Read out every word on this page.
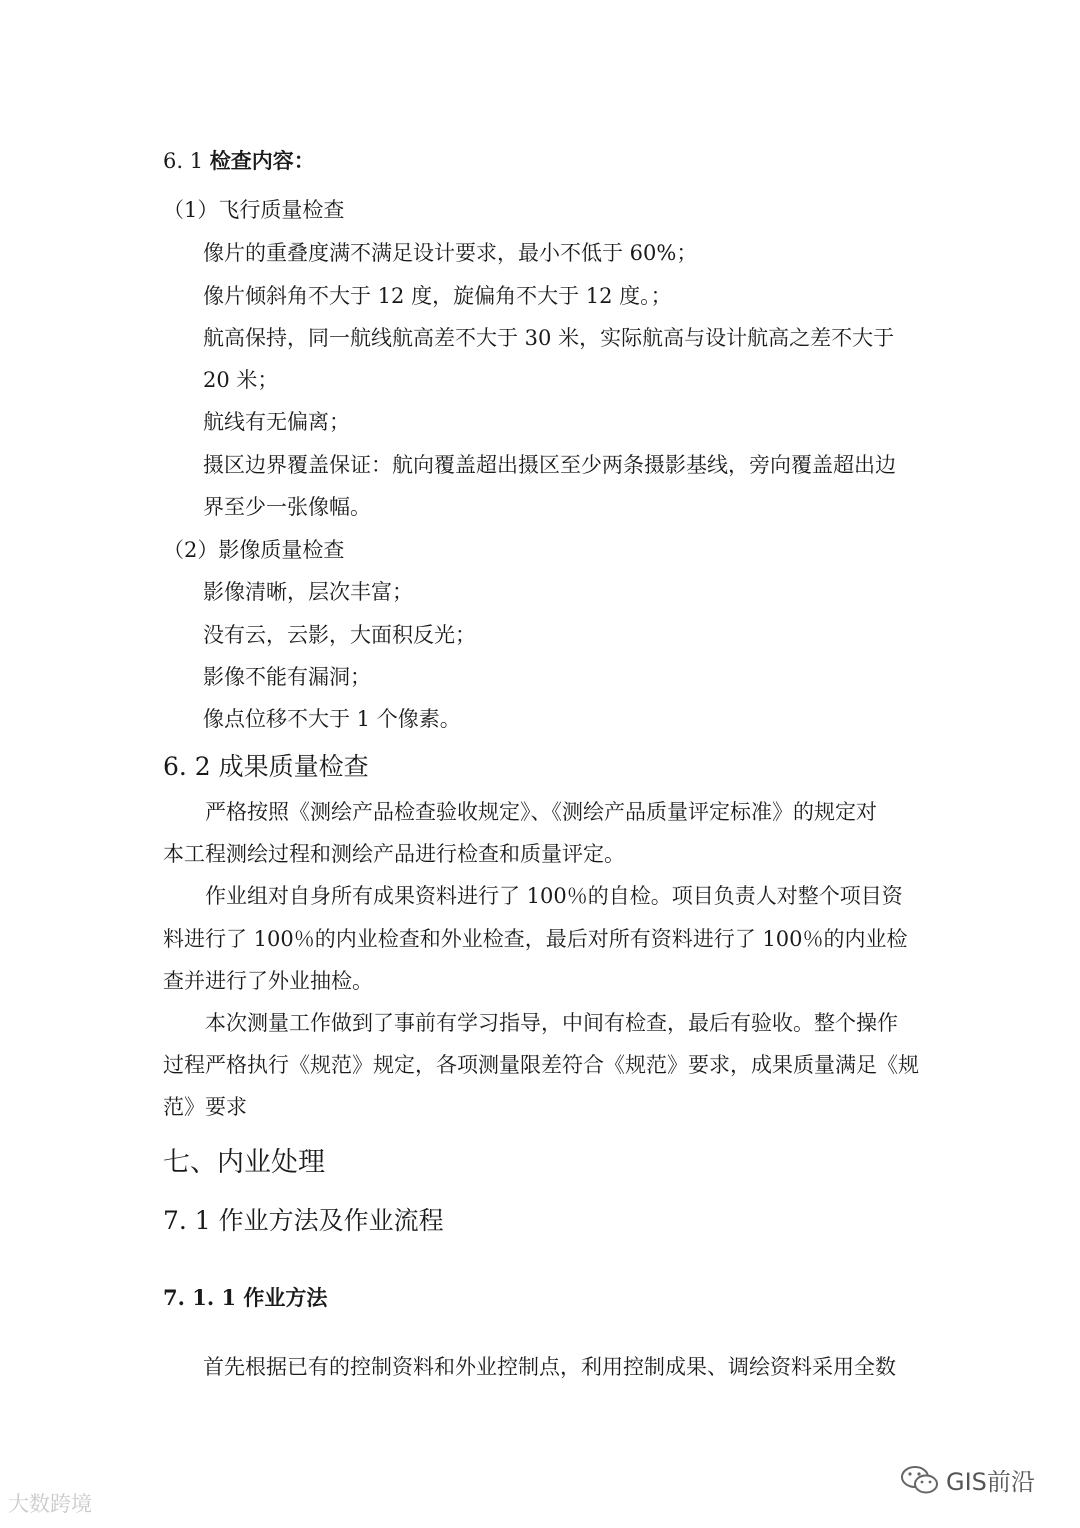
6. 1 检查内容：
（1）飞行质量检查
像片的重叠度满不满足设计要求，最小不低于 60%；
像片倾斜角不大于 12 度，旋偏角不大于 12 度。；
航高保持，同一航线航高差不大于 30 米，实际航高与设计航高之差不大于
20 米；
航线有无偏离；
摄区边界覆盖保证：航向覆盖超出摄区至少两条摄影基线，旁向覆盖超出边
界至少一张像幅。
（2）影像质量检查
影像清晰，层次丰富；
没有云，云影，大面积反光；
影像不能有漏洞；
像点位移不大于 1 个像素。
6. 2 成果质量检查
严格按照《测绘产品检查验收规定》、《测绘产品质量评定标准》的规定对
本工程测绘过程和测绘产品进行检查和质量评定。
作业组对自身所有成果资料进行了 100％的自检。项目负责人对整个项目资
料进行了 100％的内业检查和外业检查，最后对所有资料进行了 100％的内业检
查并进行了外业抽检。
本次测量工作做到了事前有学习指导，中间有检查，最后有验收。整个操作
过程严格执行《规范》规定，各项测量限差符合《规范》要求，成果质量满足《规
范》要求
七、内业处理
7. 1 作业方法及作业流程
7. 1. 1 作业方法
首先根据已有的控制资料和外业控制点，利用控制成果、调绘资料采用全数
大数跨境
GIS前沿
